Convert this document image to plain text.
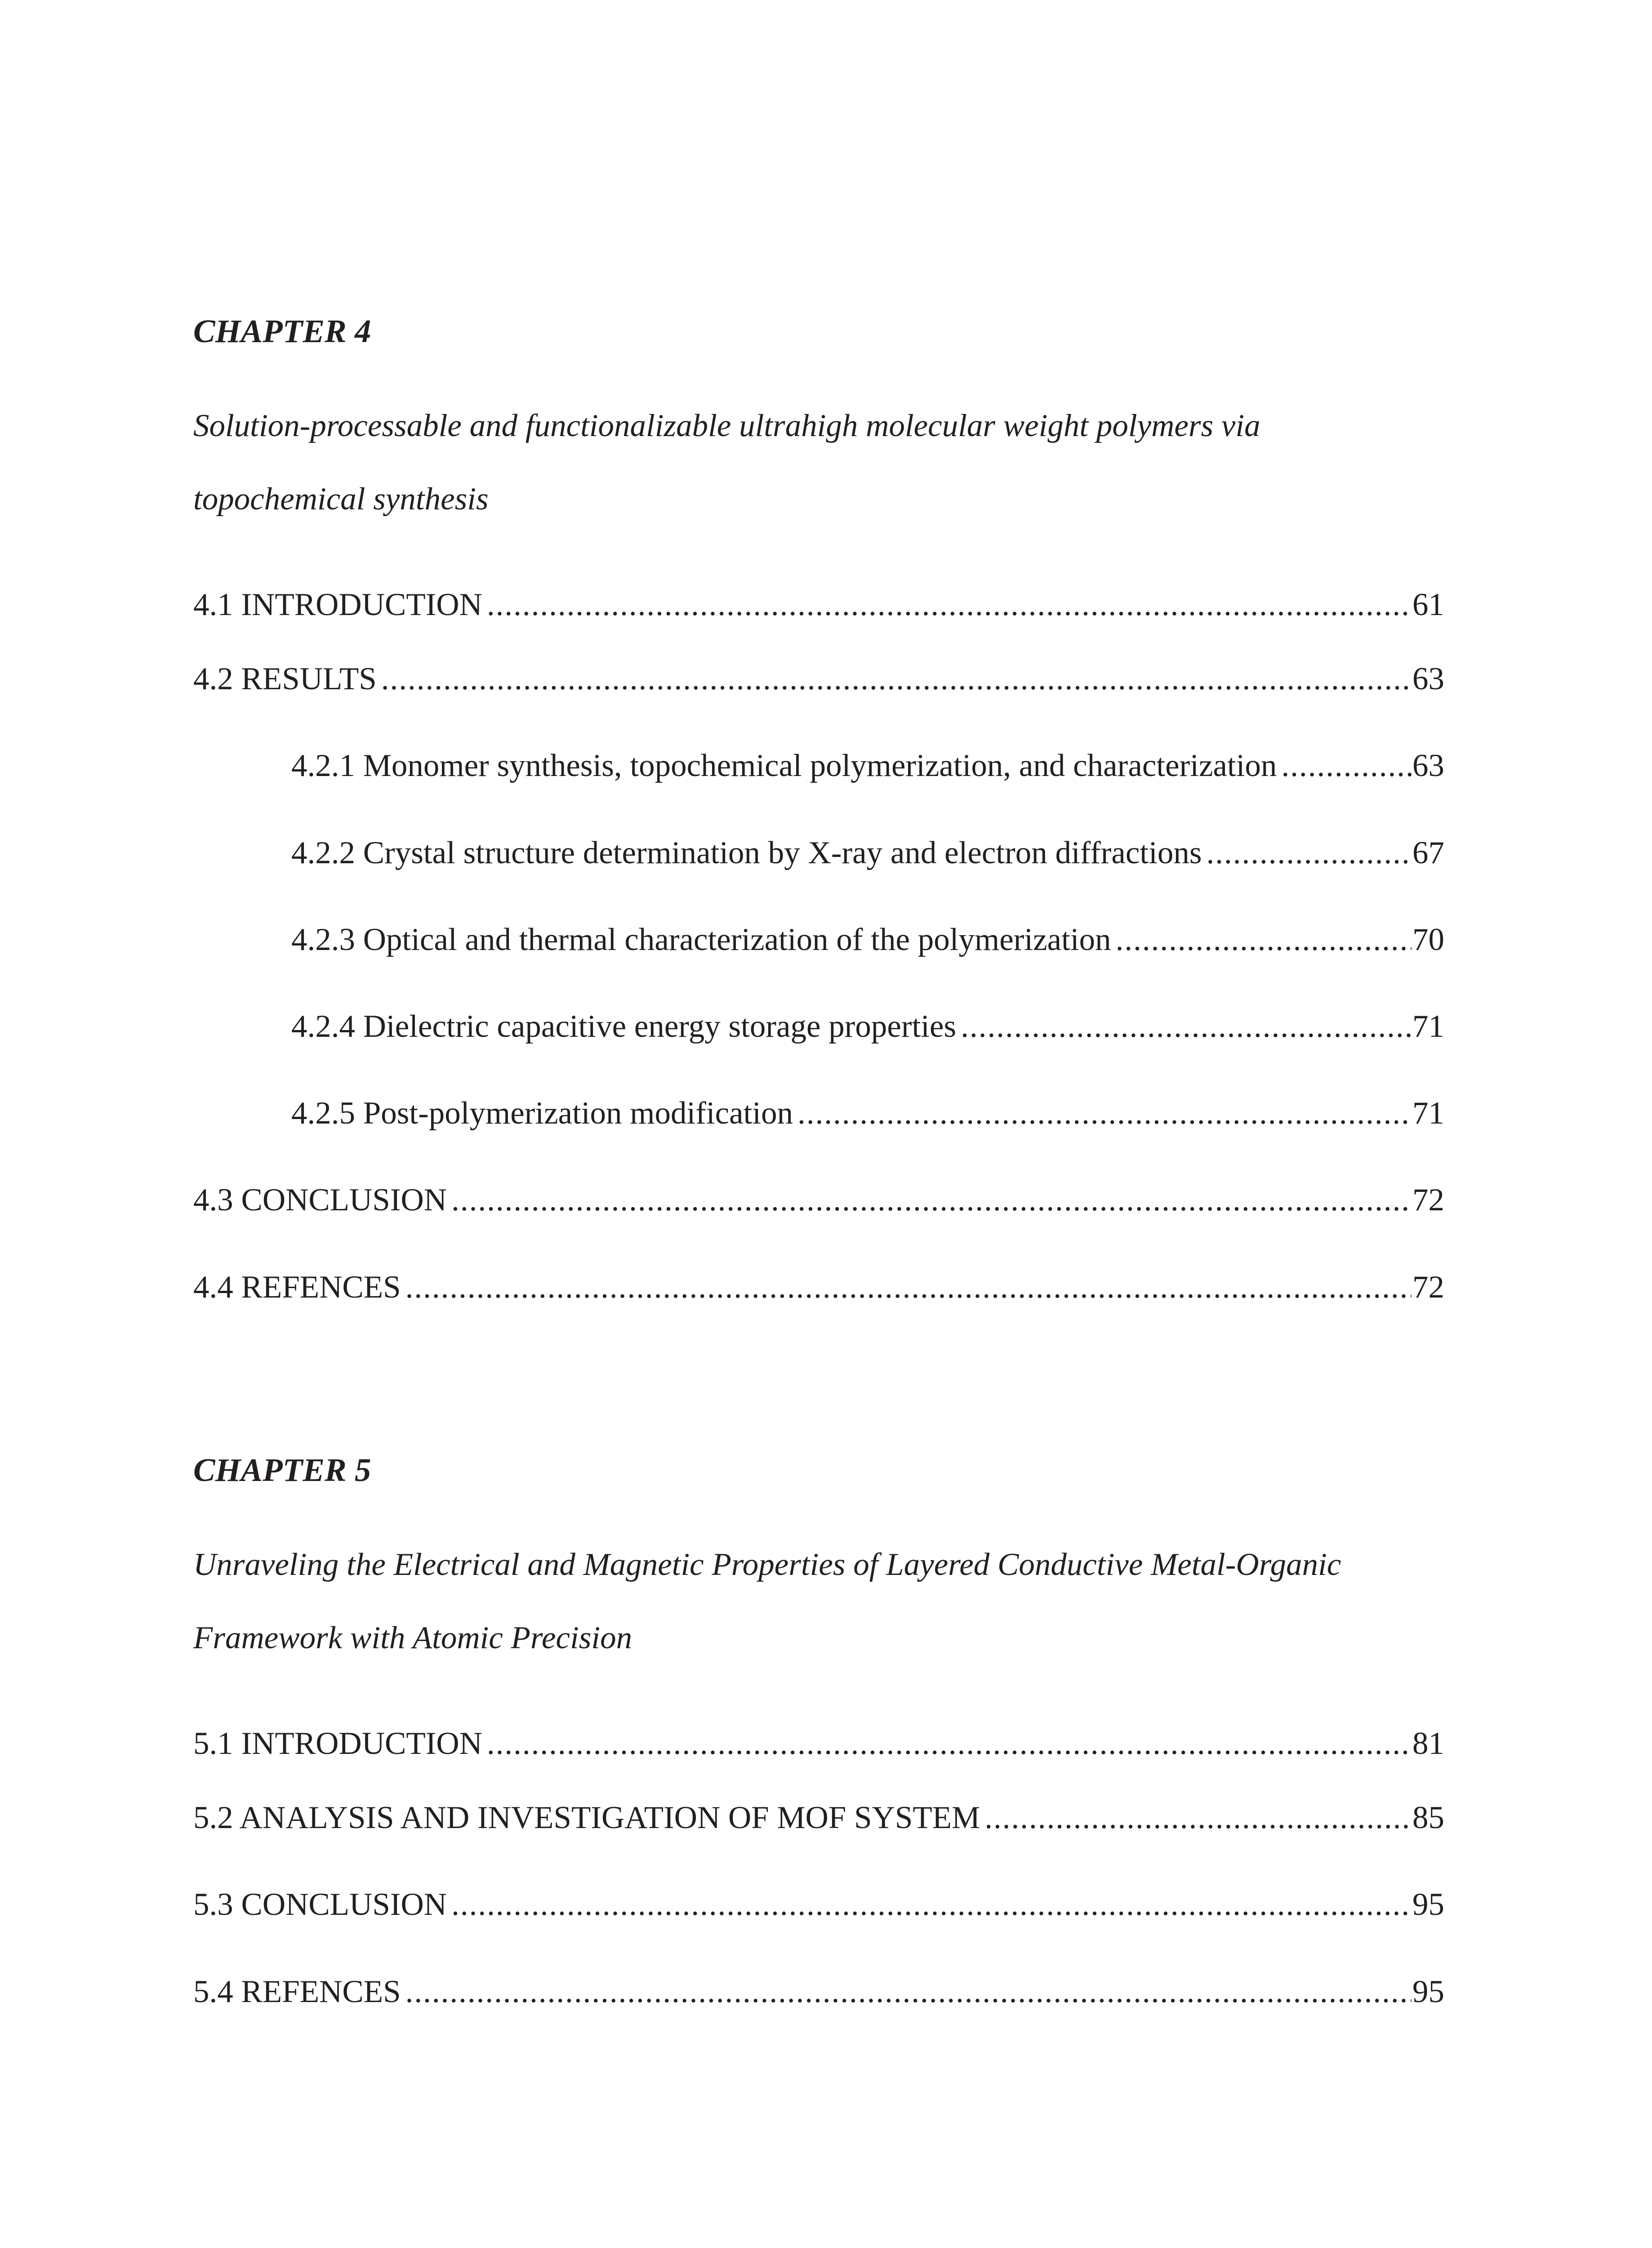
CHAPTER 4
Solution-processable and functionalizable ultrahigh molecular weight polymers via
topochemical synthesis
4.1 INTRODUCTION .....	61
4.2 RESULTS .....	63
4.2.1 Monomer synthesis, topochemical polymerization, and characterization .....	63
4.2.2 Crystal structure determination by X-ray and electron diffractions .....	67
4.2.3 Optical and thermal characterization of the polymerization .....	70
4.2.4 Dielectric capacitive energy storage properties .....	71
4.2.5 Post-polymerization modification .....	71
4.3 CONCLUSION .....	72
4.4 REFENCES .....	72
CHAPTER 5
Unraveling the Electrical and Magnetic Properties of Layered Conductive Metal-Organic
Framework with Atomic Precision
5.1 INTRODUCTION .....	81
5.2 ANALYSIS AND INVESTIGATION OF MOF SYSTEM .....	85
5.3 CONCLUSION .....	95
5.4 REFENCES .....	95
